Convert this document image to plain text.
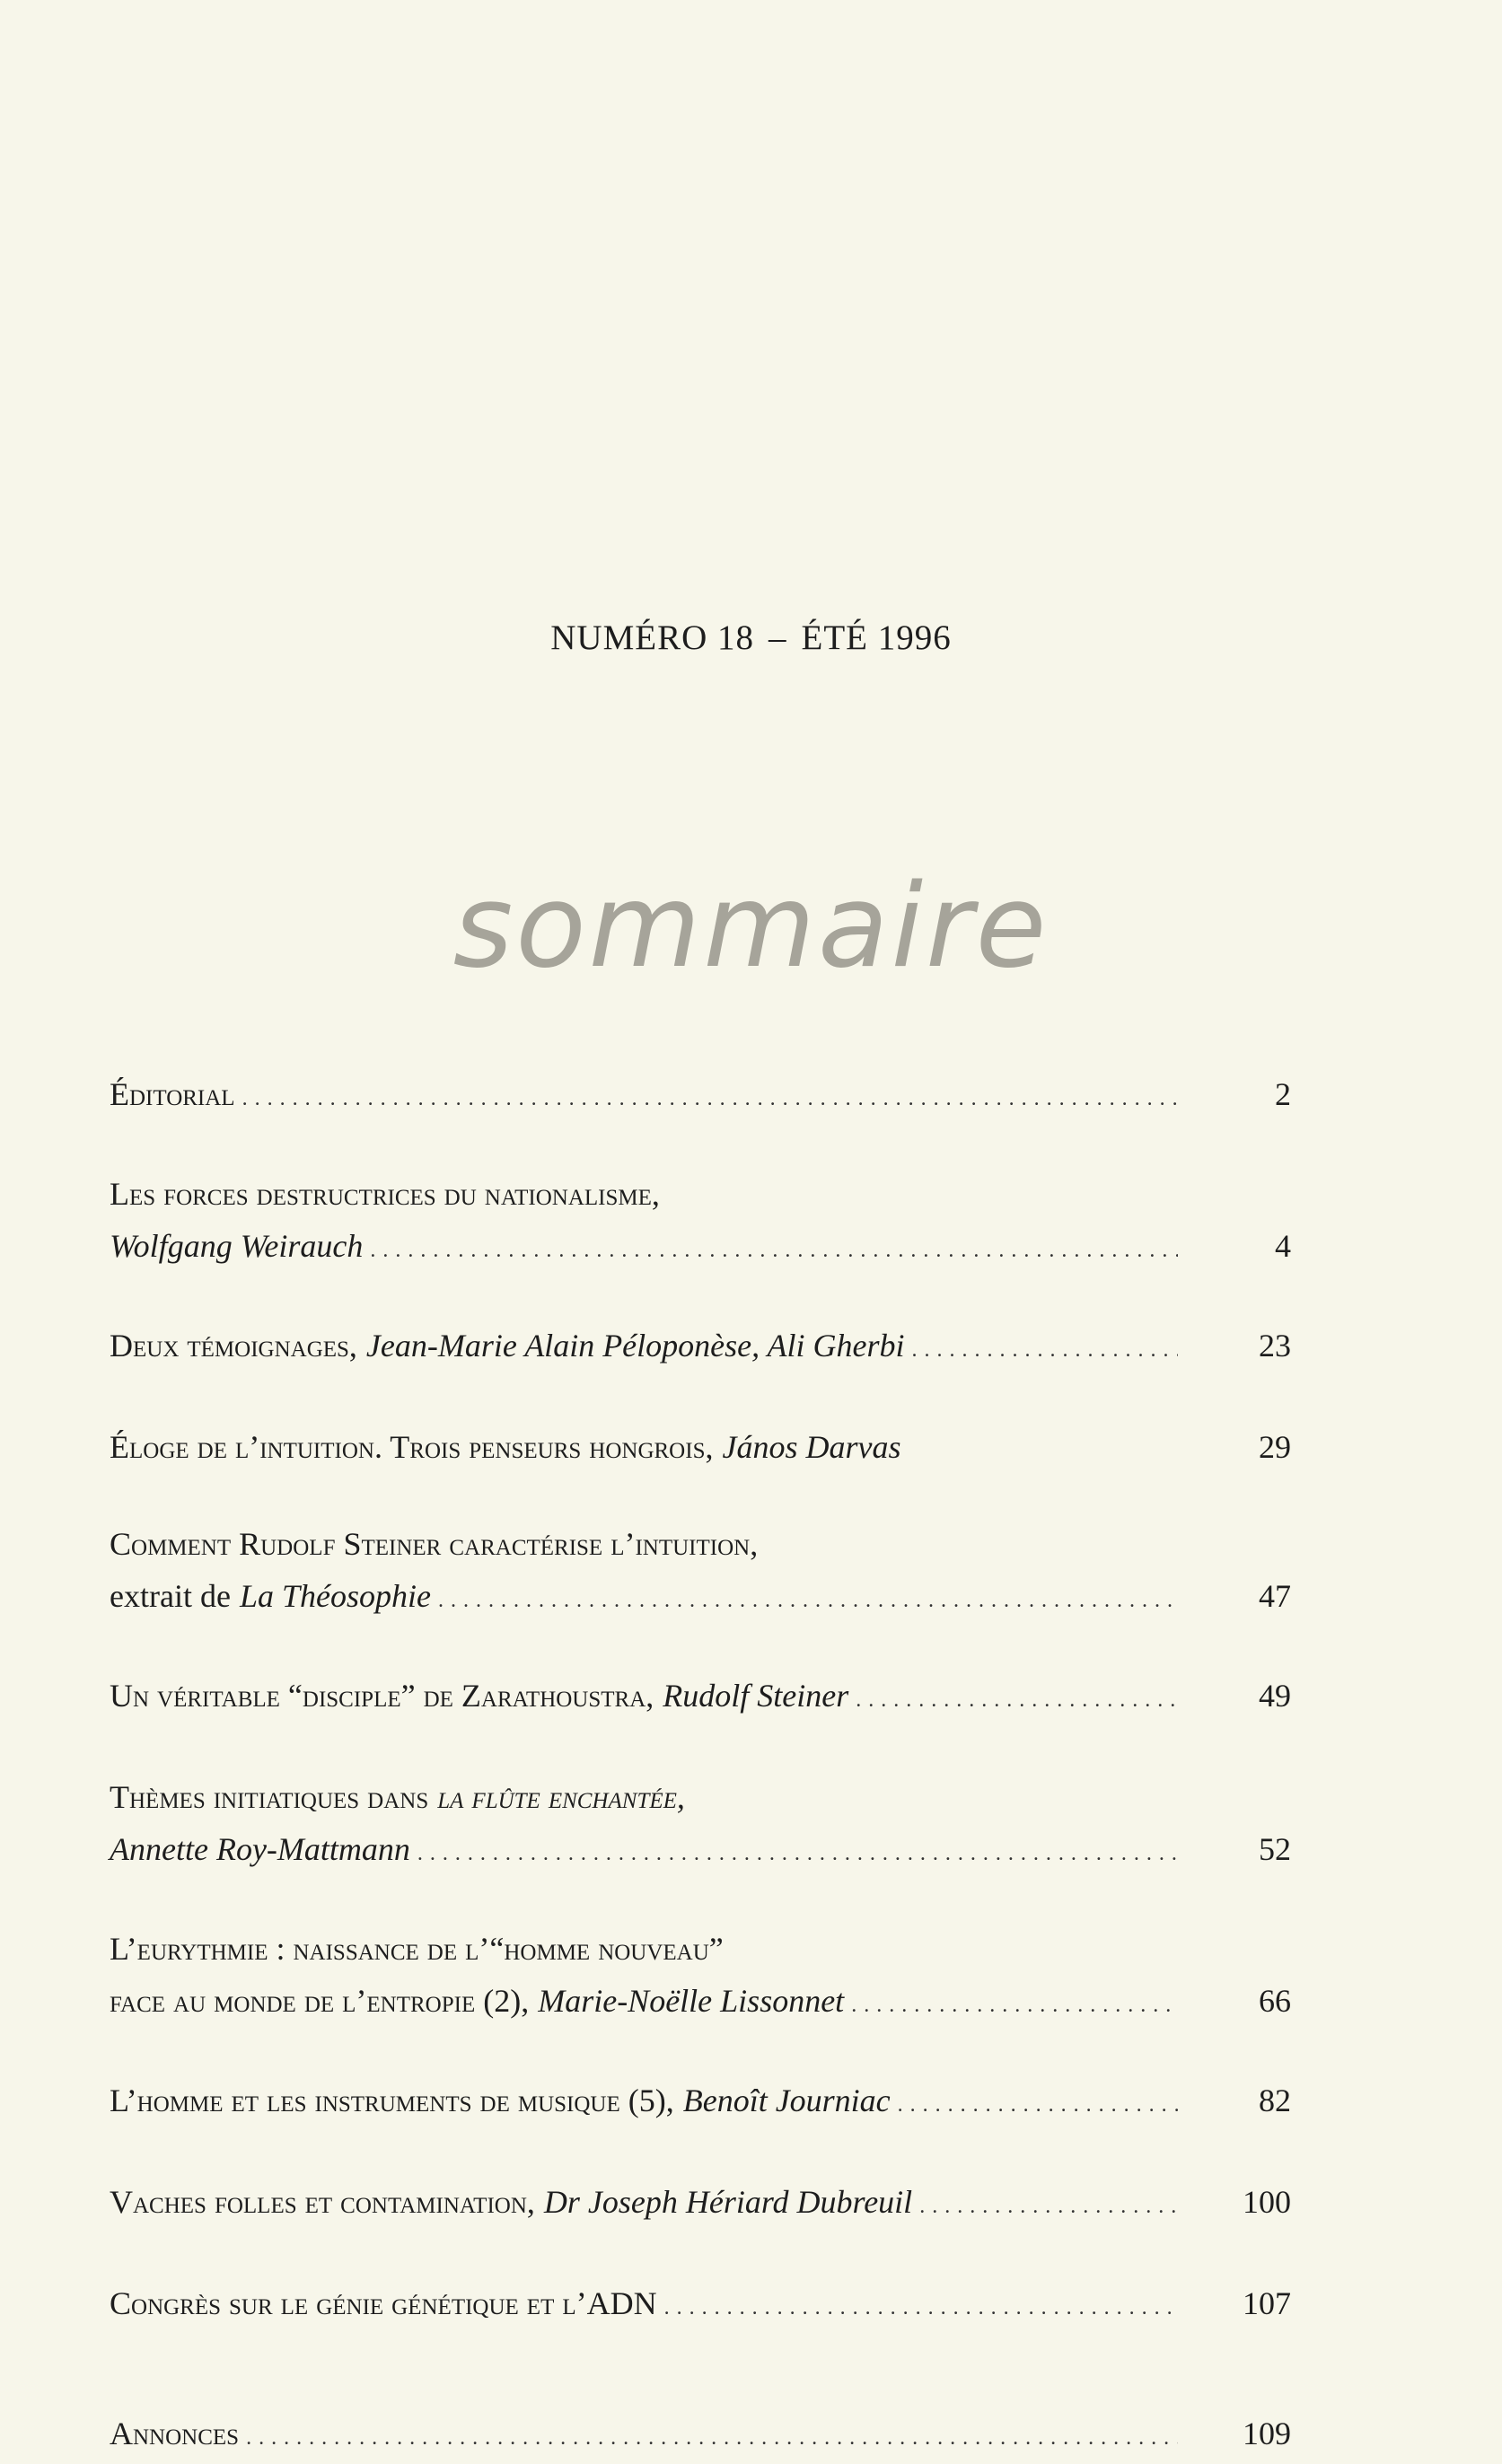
NUMÉRO 18 – ÉTÉ 1996
sommaire
Éditorial . . .	2
Les forces destructrices du nationalisme,
Wolfgang Weirauch . . .	4
Deux témoignages, Jean-Marie Alain Péloponèse, Ali Gherbi . . .	23
Éloge de l’intuition. Trois penseurs hongrois, János Darvas	29
Comment Rudolf Steiner caractérise l’intuition,
extrait de La Théosophie . . .	47
Un véritable “disciple” de Zarathoustra, Rudolf Steiner . . .	49
Thèmes initiatiques dans la flûte enchantée,
Annette Roy-Mattmann . . .	52
L’eurythmie : naissance de l’“homme nouveau”
face au monde de l’entropie (2), Marie-Noëlle Lissonnet . . .	66
L’homme et les instruments de musique (5), Benoît Journiac . . .	82
Vaches folles et contamination, Dr Joseph Hériard Dubreuil . . .	100
Congrès sur le génie génétique et l’ADN . . .	107
Annonces . . .	109
